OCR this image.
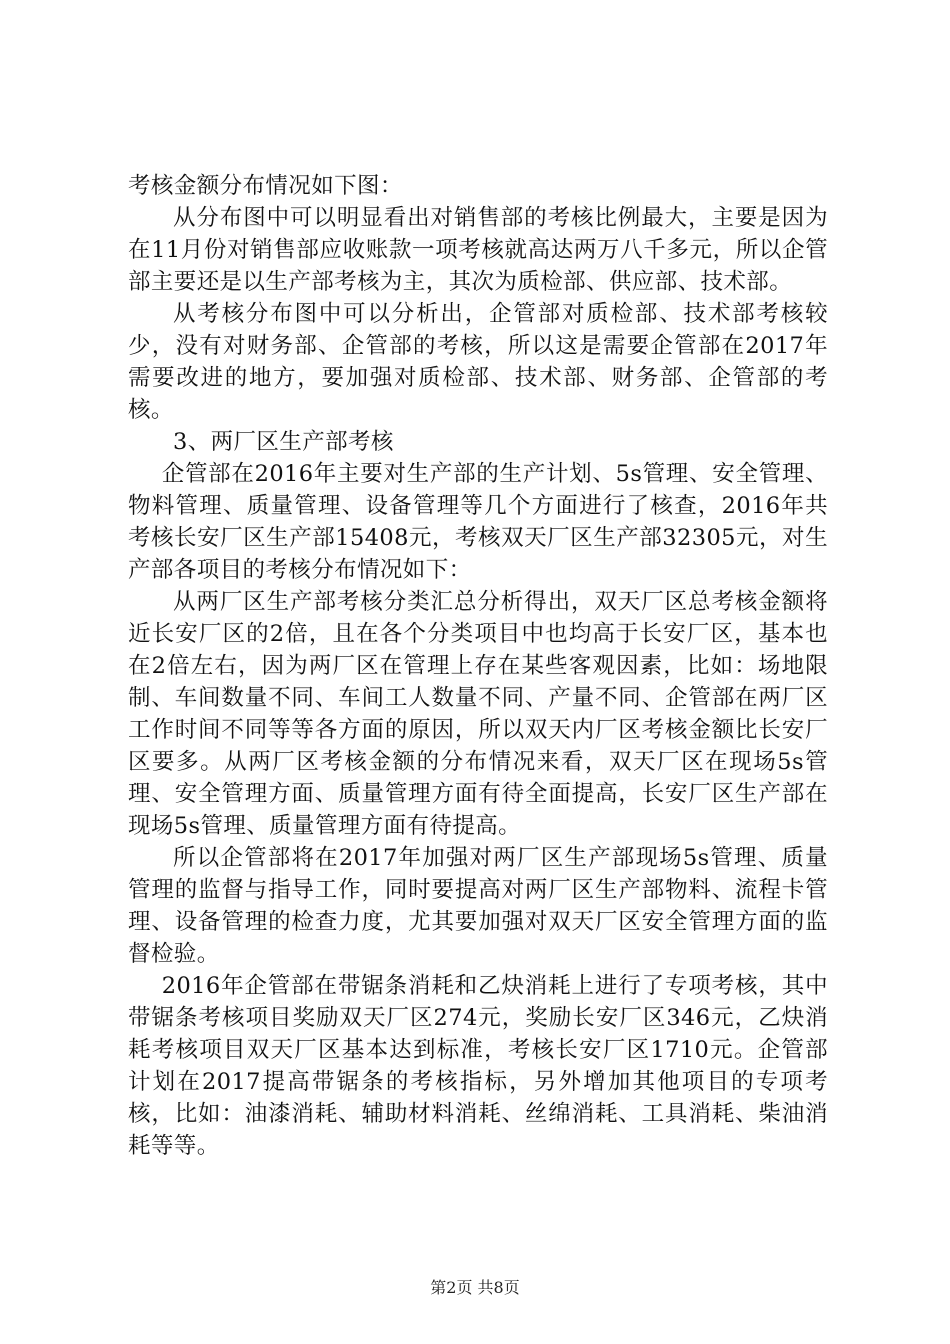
考核金额分布情况如下图：

从分布图中可以明显看出对销售部的考核比例最大，主要是因为在11月份对销售部应收账款一项考核就高达两万八千多元，所以企管部主要还是以生产部考核为主，其次为质检部、供应部、技术部。

从考核分布图中可以分析出，企管部对质检部、技术部考核较少，没有对财务部、企管部的考核，所以这是需要企管部在2017年需要改进的地方，要加强对质检部、技术部、财务部、企管部的考核。

3、两厂区生产部考核

企管部在2016年主要对生产部的生产计划、5s管理、安全管理、物料管理、质量管理、设备管理等几个方面进行了核查，2016年共考核长安厂区生产部15408元，考核双天厂区生产部32305元，对生产部各项目的考核分布情况如下：

从两厂区生产部考核分类汇总分析得出，双天厂区总考核金额将近长安厂区的2倍，且在各个分类项目中也均高于长安厂区，基本也在2倍左右，因为两厂区在管理上存在某些客观因素，比如：场地限制、车间数量不同、车间工人数量不同、产量不同、企管部在两厂区工作时间不同等等各方面的原因，所以双天内厂区考核金额比长安厂区要多。从两厂区考核金额的分布情况来看，双天厂区在现场5s管理、安全管理方面、质量管理方面有待全面提高，长安厂区生产部在现场5s管理、质量管理方面有待提高。

所以企管部将在2017年加强对两厂区生产部现场5s管理、质量管理的监督与指导工作，同时要提高对两厂区生产部物料、流程卡管理、设备管理的检查力度，尤其要加强对双天厂区安全管理方面的监督检验。

2016年企管部在带锯条消耗和乙炔消耗上进行了专项考核，其中带锯条考核项目奖励双天厂区274元，奖励长安厂区346元，乙炔消耗考核项目双天厂区基本达到标准，考核长安厂区1710元。企管部计划在2017提高带锯条的考核指标，另外增加其他项目的专项考核，比如：油漆消耗、辅助材料消耗、丝绵消耗、工具消耗、柴油消耗等等。

第2页 共8页
